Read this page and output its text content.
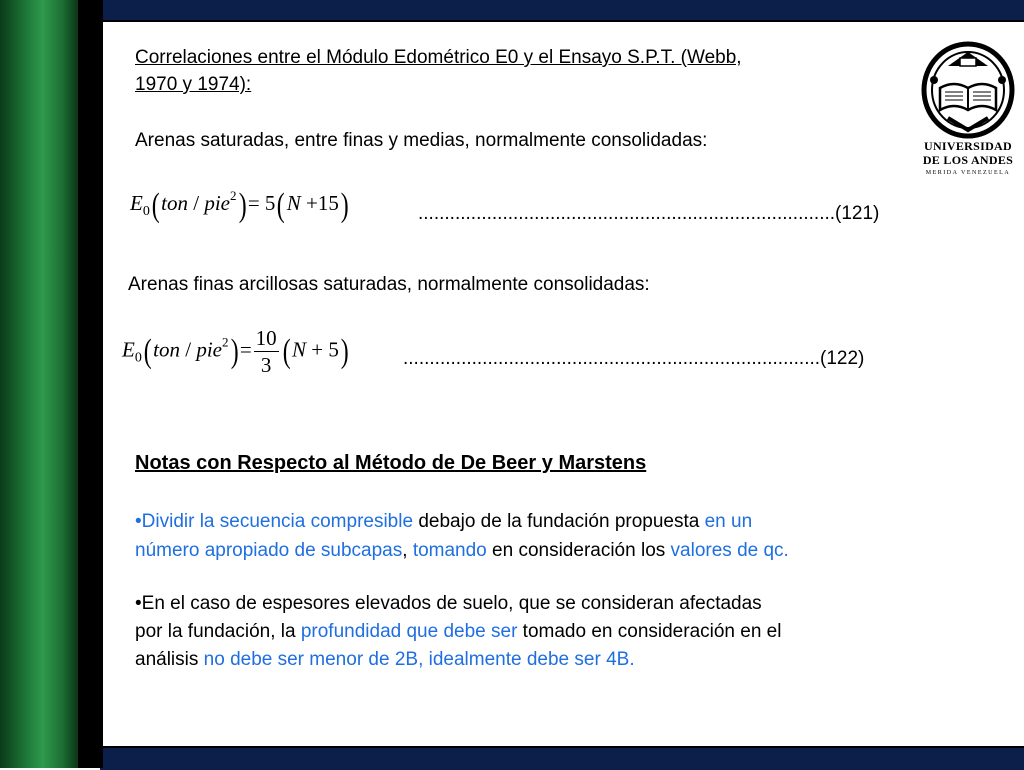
Correlaciones entre el Módulo Edométrico E0 y el Ensayo S.P.T. (Webb,
1970 y 1974):
Arenas saturadas, entre finas y medias, normalmente consolidadas:
$E_0(ton / pie^2)= 5(N +15)$	...............................................................................(121)
Arenas finas arcillosas saturadas, normalmente consolidadas:
$E_0(ton / pie^2)= \frac{10}{3} (N + 5)$	...............................................................................(122)
Notas con Respecto al Método de De Beer y Marstens
•Dividir la secuencia compresible debajo de la fundación propuesta en un
número apropiado de subcapas, tomando en consideración los valores de qc.
•En el caso de espesores elevados de suelo, que se consideran afectadas
por la fundación, la profundidad que debe ser tomado en consideración en el
análisis no debe ser menor de 2B, idealmente debe ser 4B.
UNIVERSIDAD
DE LOS ANDES
MERIDA VENEZUELA
